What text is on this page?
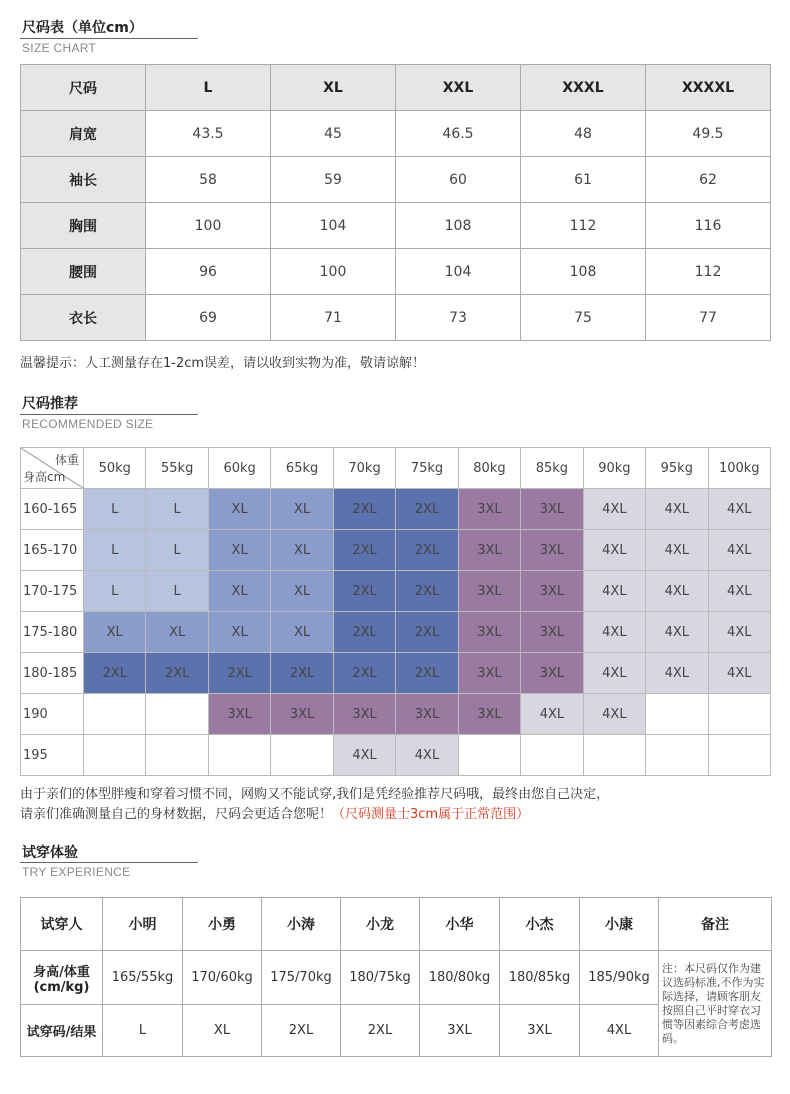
尺码表（单位cm）
SIZE CHART
尺码	L	XL	XXL	XXXL	XXXXL
肩宽	43.5	45	46.5	48	49.5
袖长	58	59	60	61	62
胸围	100	104	108	112	116
腰围	96	100	104	108	112
衣长	69	71	73	75	77
温馨提示：人工测量存在1-2cm误差，请以收到实物为准，敬请谅解！
尺码推荐
RECOMMENDED SIZE
体重
身高cm	50kg	55kg	60kg	65kg	70kg	75kg	80kg	85kg	90kg	95kg	100kg
160-165	L	L	XL	XL	2XL	2XL	3XL	3XL	4XL	4XL	4XL
165-170	L	L	XL	XL	2XL	2XL	3XL	3XL	4XL	4XL	4XL
170-175	L	L	XL	XL	2XL	2XL	3XL	3XL	4XL	4XL	4XL
175-180	XL	XL	XL	XL	2XL	2XL	3XL	3XL	4XL	4XL	4XL
180-185	2XL	2XL	2XL	2XL	2XL	2XL	3XL	3XL	4XL	4XL	4XL
190			3XL	3XL	3XL	3XL	3XL	4XL	4XL		
195					4XL	4XL					
由于亲们的体型胖瘦和穿着习惯不同，网购又不能试穿,我们是凭经验推荐尺码哦，最终由您自己决定，
请亲们准确测量自己的身材数据，尺码会更适合您呢！（尺码测量士3cm属于正常范围）
试穿体验
TRY EXPERIENCE
试穿人	小明	小勇	小涛	小龙	小华	小杰	小康	备注
身高/体重(cm/kg)	165/55kg	170/60kg	175/70kg	180/75kg	180/80kg	180/85kg	185/90kg	注：本尺码仅作为建议选码标准,不作为实际选择，请顾客朋友按照自己平时穿衣习惯等因素综合考虑选码。
试穿码/结果	L	XL	2XL	2XL	3XL	3XL	4XL	
